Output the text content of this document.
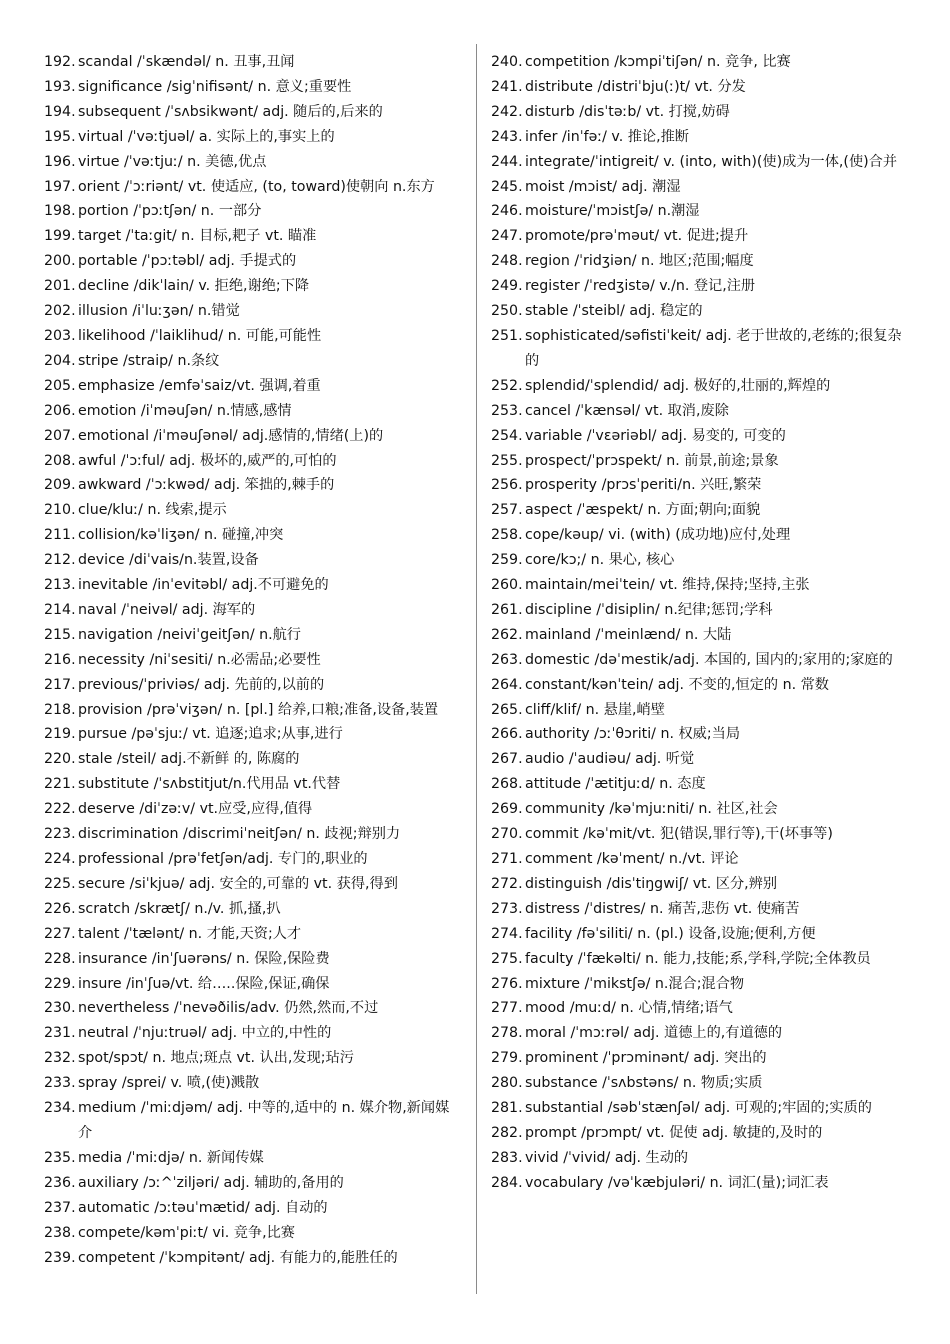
192. scandal /ˈskændəl/ n. 丑事,丑闻
193. significance /sigˈnifisənt/ n. 意义;重要性
194. subsequent /ˈsʌbsikwənt/ adj. 随后的,后来的
195. virtual /ˈvəːtjuəl/ a. 实际上的,事实上的
196. virtue /ˈvəːtjuː/ n. 美德,优点
197. orient /ˈɔːriənt/ vt. 使适应, (to, toward)使朝向 n.东方
198. portion /ˈpɔːtʃən/ n. 一部分
199. target /ˈtaːgit/ n. 目标,耙子 vt. 瞄准
200. portable /ˈpɔːtəbl/ adj. 手提式的
201. decline /dikˈlain/ v. 拒绝,谢绝;下降
202. illusion /iˈluːʒən/ n.错觉
203. likelihood /ˈlaiklihud/ n. 可能,可能性
204. stripe /straip/ n.条纹
205. emphasize /emfəˈsaiz/vt. 强调,着重
206. emotion /iˈməuʃən/ n.情感,感情
207. emotional /iˈməuʃənəl/ adj.感情的,情绪(上)的
208. awful /ˈɔːful/ adj. 极坏的,威严的,可怕的
209. awkward /ˈɔːkwəd/ adj. 笨拙的,棘手的
210. clue/kluː/ n. 线索,提示
211. collision/kəˈliʒən/ n. 碰撞,冲突
212. device /diˈvais/n.装置,设备
213. inevitable /inˈevitəbl/ adj.不可避免的
214. naval /ˈneivəl/ adj. 海军的
215. navigation /neiviˈgeitʃən/ n.航行
216. necessity /niˈsesiti/ n.必需品;必要性
217. previous/ˈpriviəs/ adj. 先前的,以前的
218. provision /prəˈviʒən/ n. [pl.] 给养,口粮;准备,设备,装置
219. pursue /pəˈsjuː/ vt. 追逐;追求;从事,进行
220. stale /steil/ adj.不新鲜 的, 陈腐的
221. substitute /ˈsʌbstitjut/n.代用品 vt.代替
222. deserve /diˈzəːv/ vt.应受,应得,值得
223. discrimination /discrimiˈneitʃən/ n. 歧视;辩别力
224. professional /prəˈfetʃən/adj. 专门的,职业的
225. secure /siˈkjuə/ adj. 安全的,可靠的 vt. 获得,得到
226. scratch /skrætʃ/ n./v. 抓,搔,扒
227. talent /ˈtælənt/ n. 才能,天资;人才
228. insurance /inˈʃuərəns/ n. 保险,保险费
229. insure /inˈʃuə/vt. 给…..保险,保证,确保
230. nevertheless /ˈnevəðilis/adv. 仍然,然而,不过
231. neutral /ˈnjuːtruəl/ adj. 中立的,中性的
232. spot/spɔt/ n. 地点;斑点 vt. 认出,发现;玷污
233. spray /sprei/ v. 喷,(使)溅散
234. medium /ˈmiːdjəm/ adj. 中等的,适中的 n. 媒介物,新闻媒介
235. media /ˈmiːdjə/ n. 新闻传媒
236. auxiliary /ɔː^ˈziljəri/ adj. 辅助的,备用的
237. automatic /ɔːtəuˈmætid/ adj. 自动的
238. compete/kəmˈpiːt/ vi. 竞争,比赛
239. competent /ˈkɔmpitənt/ adj. 有能力的,能胜任的
240. competition /kɔmpiˈtiʃən/ n. 竞争, 比赛
241. distribute /distriˈbju(ː)t/ vt. 分发
242. disturb /disˈtəːb/ vt. 打搅,妨碍
243. infer /inˈfəː/ v. 推论,推断
244. integrate/ˈintigreit/ v. (into, with)(使)成为一体,(使)合并
245. moist /mɔist/ adj. 潮湿
246. moisture/ˈmɔistʃə/ n.潮湿
247. promote/prəˈməut/ vt. 促进;提升
248. region /ˈridʒiən/ n. 地区;范围;幅度
249. register /ˈredʒistə/ v./n. 登记,注册
250. stable /ˈsteibl/ adj. 稳定的
251. sophisticated/səfistiˈkeit/ adj. 老于世故的,老练的;很复杂的
252. splendid/ˈsplendid/ adj. 极好的,壮丽的,辉煌的
253. cancel /ˈkænsəl/ vt. 取消,废除
254. variable /ˈvɛəriəbl/ adj. 易变的, 可变的
255. prospect/ˈprɔspekt/ n. 前景,前途;景象
256. prosperity /prɔsˈperiti/n. 兴旺,繁荣
257. aspect /ˈæspekt/ n. 方面;朝向;面貌
258. cope/kəup/ vi. (with) (成功地)应付,处理
259. core/kɔ;/ n. 果心, 核心
260. maintain/meiˈtein/ vt. 维持,保持;坚持,主张
261. discipline /ˈdisiplin/ n.纪律;惩罚;学科
262. mainland /ˈmeinlænd/ n. 大陆
263. domestic /dəˈmestik/adj. 本国的, 国内的;家用的;家庭的
264. constant/kənˈtein/ adj. 不变的,恒定的 n. 常数
265. cliff/klif/ n. 悬崖,峭壁
266. authority /ɔːˈθɔriti/ n. 权威;当局
267. audio /ˈaudiəu/ adj. 听觉
268. attitude /ˈætitjuːd/ n. 态度
269. community /kəˈmjuːniti/ n. 社区,社会
270. commit /kəˈmit/vt. 犯(错误,罪行等),干(坏事等)
271. comment /kəˈment/ n./vt. 评论
272. distinguish /disˈtiŋgwiʃ/ vt. 区分,辨别
273. distress /ˈdistres/ n. 痛苦,悲伤 vt. 使痛苦
274. facility /fəˈsiliti/ n. (pl.) 设备,设施;便利,方便
275. faculty /ˈfækəlti/ n. 能力,技能;系,学科,学院;全体教员
276. mixture /ˈmikstʃə/ n.混合;混合物
277. mood /muːd/ n. 心情,情绪;语气
278. moral /ˈmɔːrəl/ adj. 道德上的,有道德的
279. prominent /ˈprɔminənt/ adj. 突出的
280. substance /ˈsʌbstəns/ n. 物质;实质
281. substantial /səbˈstænʃəl/ adj. 可观的;牢固的;实质的
282. prompt /prɔmpt/ vt. 促使 adj. 敏捷的,及时的
283. vivid /ˈvivid/ adj. 生动的
284. vocabulary /vəˈkæbjuləri/ n. 词汇(量);词汇表
